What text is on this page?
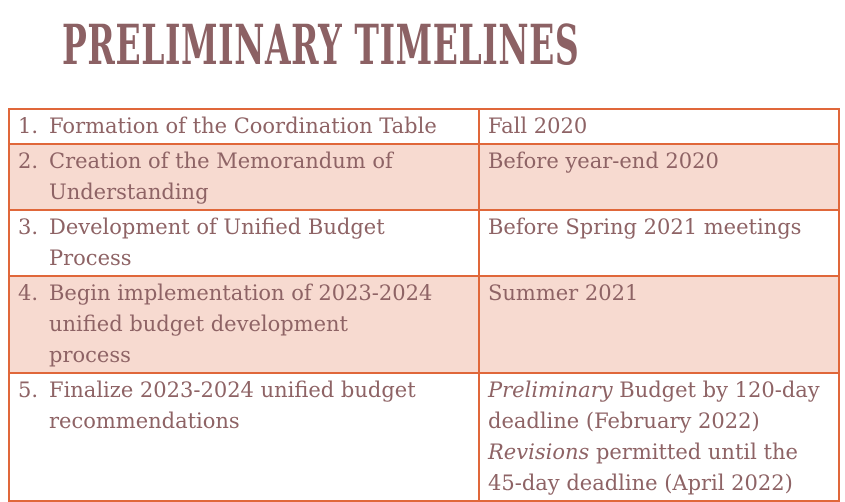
PRELIMINARY TIMELINES
1. Formation of the Coordination Table	Fall 2020

2. Creation of the Memorandum of Understanding	Before year-end 2020

3. Development of Unified Budget Process	Before Spring 2021 meetings

4. Begin implementation of 2023-2024 unified budget development process	Summer 2021

5. Finalize 2023-2024 unified budget recommendations	Preliminary Budget by 120-day deadline (February 2022)
Revisions permitted until the 45-day deadline (April 2022)
